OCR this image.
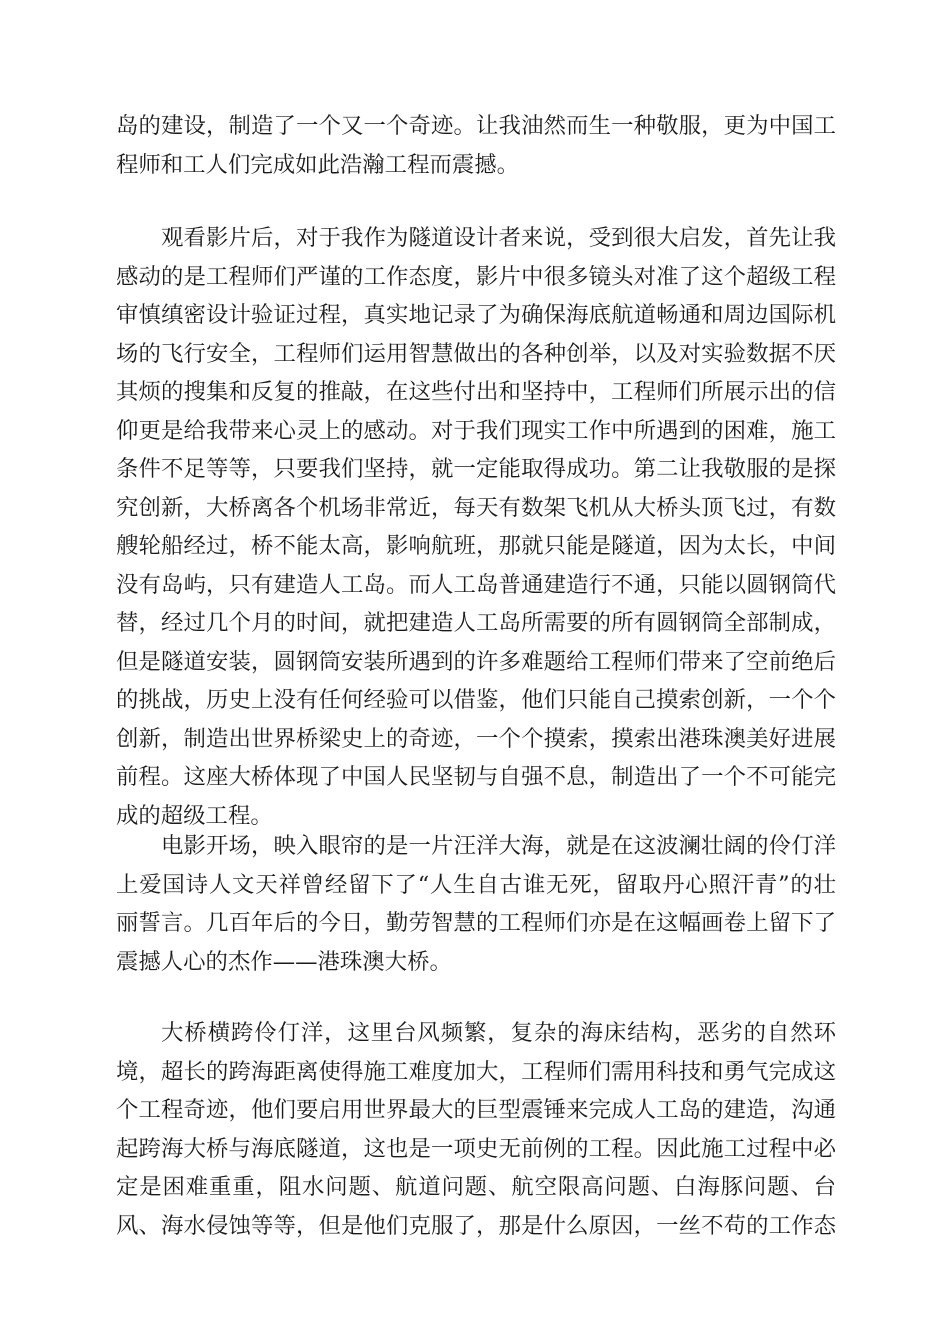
岛的建设，制造了一个又一个奇迹。让我油然而生一种敬服，更为中国工
程师和工人们完成如此浩瀚工程而震撼。
观看影片后，对于我作为隧道设计者来说，受到很大启发，首先让我
感动的是工程师们严谨的工作态度，影片中很多镜头对准了这个超级工程
审慎缜密设计验证过程，真实地记录了为确保海底航道畅通和周边国际机
场的飞行安全，工程师们运用智慧做出的各种创举，以及对实验数据不厌
其烦的搜集和反复的推敲，在这些付出和坚持中，工程师们所展示出的信
仰更是给我带来心灵上的感动。对于我们现实工作中所遇到的困难，施工
条件不足等等，只要我们坚持，就一定能取得成功。第二让我敬服的是探
究创新，大桥离各个机场非常近，每天有数架飞机从大桥头顶飞过，有数
艘轮船经过，桥不能太高，影响航班，那就只能是隧道，因为太长，中间
没有岛屿，只有建造人工岛。而人工岛普通建造行不通，只能以圆钢筒代
替，经过几个月的时间，就把建造人工岛所需要的所有圆钢筒全部制成，
但是隧道安装，圆钢筒安装所遇到的许多难题给工程师们带来了空前绝后
的挑战，历史上没有任何经验可以借鉴，他们只能自己摸索创新，一个个
创新，制造出世界桥梁史上的奇迹，一个个摸索，摸索出港珠澳美好进展
前程。这座大桥体现了中国人民坚韧与自强不息，制造出了一个不可能完
成的超级工程。
电影开场，映入眼帘的是一片汪洋大海，就是在这波澜壮阔的伶仃洋
上爱国诗人文天祥曾经留下了“人生自古谁无死，留取丹心照汗青”的壮
丽誓言。几百年后的今日，勤劳智慧的工程师们亦是在这幅画卷上留下了
震撼人心的杰作——港珠澳大桥。
大桥横跨伶仃洋，这里台风频繁，复杂的海床结构，恶劣的自然环
境，超长的跨海距离使得施工难度加大，工程师们需用科技和勇气完成这
个工程奇迹，他们要启用世界最大的巨型震锤来完成人工岛的建造，沟通
起跨海大桥与海底隧道，这也是一项史无前例的工程。因此施工过程中必
定是困难重重，阻水问题、航道问题、航空限高问题、白海豚问题、台
风、海水侵蚀等等，但是他们克服了，那是什么原因，一丝不苟的工作态
